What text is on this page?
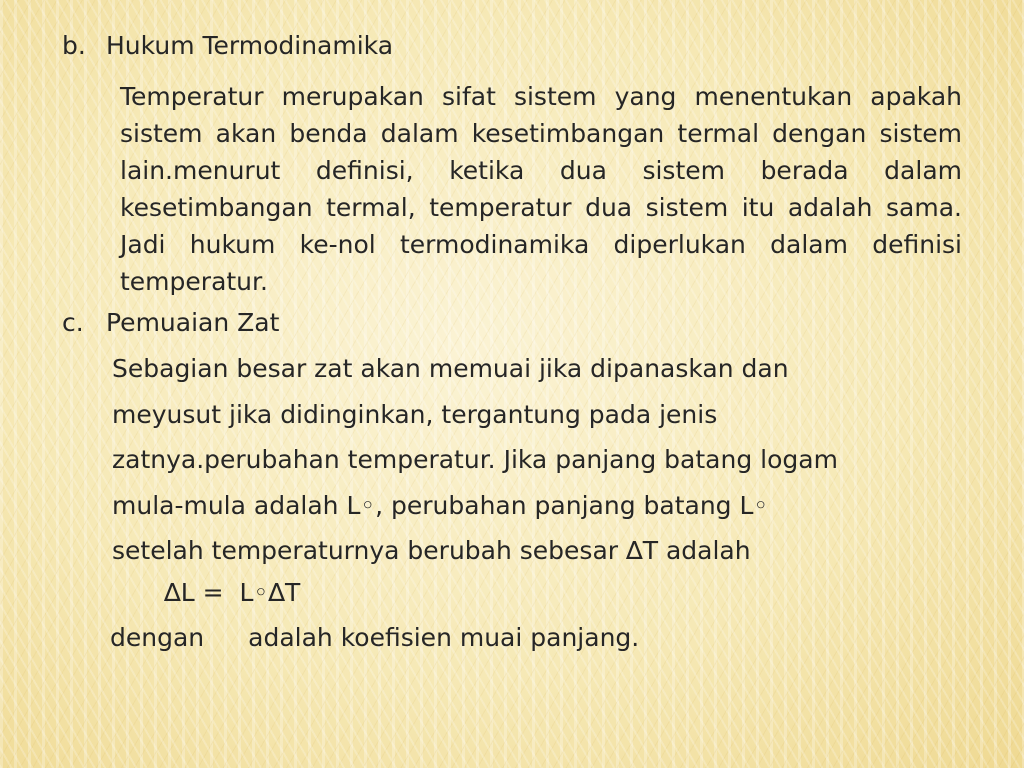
b. Hukum Termodinamika
Temperatur merupakan sifat sistem yang menentukan apakah sistem akan benda dalam kesetimbangan termal dengan sistem lain.menurut definisi, ketika dua sistem berada dalam kesetimbangan termal, temperatur dua sistem itu adalah sama. Jadi hukum ke-nol termodinamika diperlukan dalam definisi temperatur.
c. Pemuaian Zat
Sebagian besar zat akan memuai jika dipanaskan dan
meyusut jika didinginkan, tergantung pada jenis
zatnya.perubahan temperatur. Jika panjang batang logam
mula-mula adalah L◦, perubahan panjang batang L◦
setelah temperaturnya berubah sebesar ∆T adalah
∆L = L◦∆T
dengan adalah koefisien muai panjang.
